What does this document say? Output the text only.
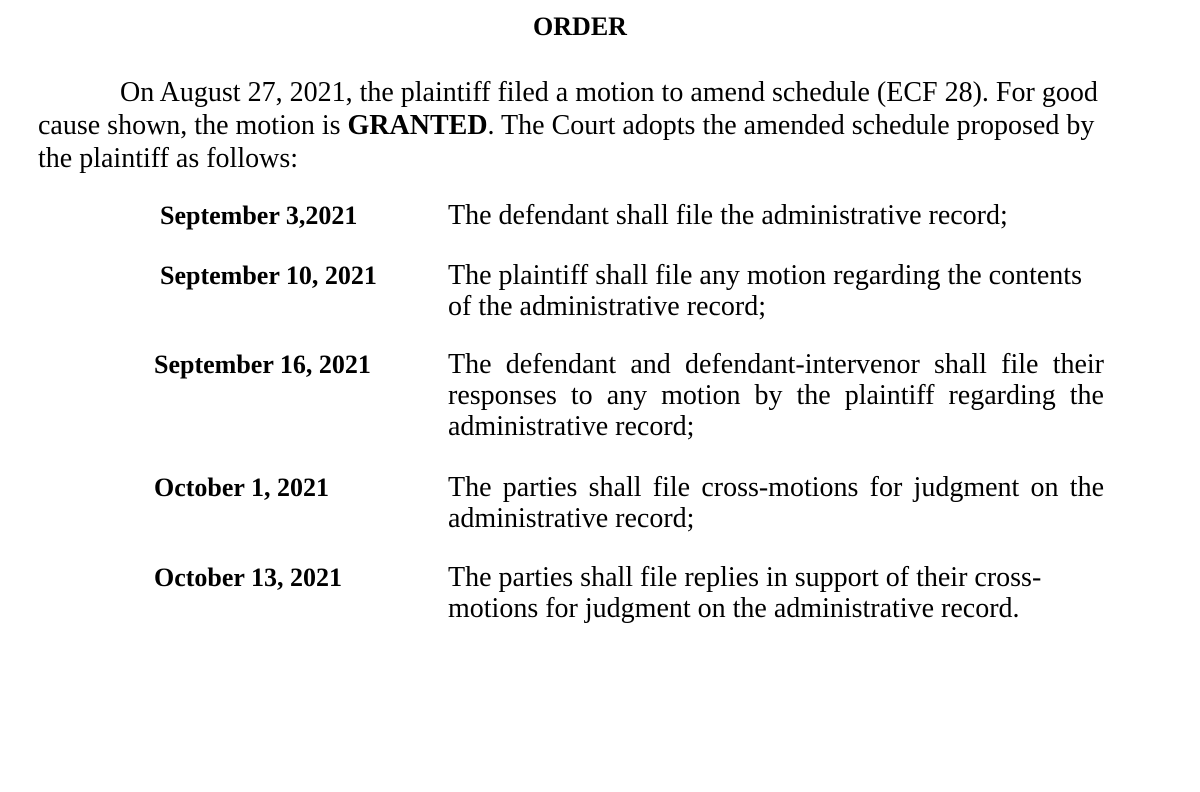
ORDER
On August 27, 2021, the plaintiff filed a motion to amend schedule (ECF 28). For good cause shown, the motion is GRANTED. The Court adopts the amended schedule proposed by the plaintiff as follows:
September 3,2021	The defendant shall file the administrative record;
September 10, 2021	The plaintiff shall file any motion regarding the contents of the administrative record;
September 16, 2021	The defendant and defendant-intervenor shall file their responses to any motion by the plaintiff regarding the administrative record;
October 1, 2021	The parties shall file cross-motions for judgment on the administrative record;
October 13, 2021	The parties shall file replies in support of their cross-motions for judgment on the administrative record.
